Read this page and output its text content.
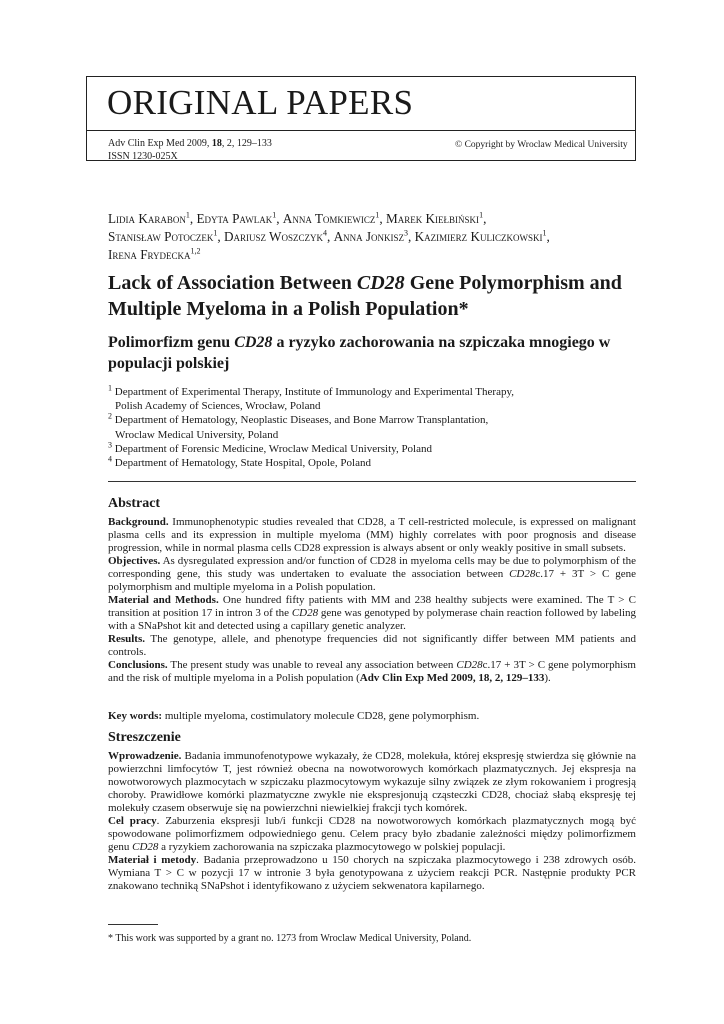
ORIGINAL PAPERS
Adv Clin Exp Med 2009, 18, 2, 129–133
ISSN 1230-025X
© Copyright by Wroclaw Medical University
Lidia Karabon$^1$, Edyta Pawlak$^1$, Anna Tomkiewicz$^1$, Marek Kiełbiński$^1$,
Stanisław Potoczek$^1$, Dariusz Woszczyk$^4$, Anna Jonkisz$^3$, Kazimierz Kuliczkowski$^1$,
Irena Frydecka$^{1,2}$
Lack of Association Between CD28 Gene Polymorphism and Multiple Myeloma in a Polish Population*
Polimorfizm genu CD28 a ryzyko zachorowania na szpiczaka mnogiego w populacji polskiej

$^1$ Department of Experimental Therapy, Institute of Immunology and Experimental Therapy,
Polish Academy of Sciences, Wrocław, Poland

$^2$ Department of Hematology, Neoplastic Diseases, and Bone Marrow Transplantation,
Wroclaw Medical University, Poland

$^3$ Department of Forensic Medicine, Wroclaw Medical University, Poland

$^4$ Department of Hematology, State Hospital, Opole, Poland

Abstract

Background. Immunophenotypic studies revealed that CD28, a T cell-restricted molecule, is expressed on malignant plasma cells and its expression in multiple myeloma (MM) highly correlates with poor prognosis and disease progression, while in normal plasma cells CD28 expression is always absent or only weakly positive in small subsets.

Objectives. As dysregulated expression and/or function of CD28 in myeloma cells may be due to polymorphism of the corresponding gene, this study was undertaken to evaluate the association between CD28c.17 + 3T > C gene polymorphism and multiple myeloma in a Polish population.

Material and Methods. One hundred fifty patients with MM and 238 healthy subjects were examined. The T > C transition at position 17 in intron 3 of the CD28 gene was genotyped by polymerase chain reaction followed by labeling with a SNaPshot kit and detected using a capillary genetic analyzer.

Results. The genotype, allele, and phenotype frequencies did not significantly differ between MM patients and controls.

Conclusions. The present study was unable to reveal any association between CD28c.17 + 3T > C gene polymorphism and the risk of multiple myeloma in a Polish population (Adv Clin Exp Med 2009, 18, 2, 129–133).

Key words: multiple myeloma, costimulatory molecule CD28, gene polymorphism.
Streszczenie

Wprowadzenie. Badania immunofenotypowe wykazały, że CD28, molekuła, której ekspresję stwierdza się głównie na powierzchni limfocytów T, jest również obecna na nowotworowych komórkach plazmatycznych. Jej ekspresja na nowotworowych plazmocytach w szpiczaku plazmocytowym wykazuje silny związek ze złym rokowaniem i progresją choroby. Prawidłowe komórki plazmatyczne zwykle nie ekspresjonują cząsteczki CD28, chociaż słabą ekspresję tej molekuły czasem obserwuje się na powierzchni niewielkiej frakcji tych komórek.

Cel pracy. Zaburzenia ekspresji lub/i funkcji CD28 na nowotworowych komórkach plazmatycznych mogą być spowodowane polimorfizmem odpowiedniego genu. Celem pracy było zbadanie zależności między polimorfizmem genu CD28 a ryzykiem zachorowania na szpiczaka plazmocytowego w polskiej populacji.

Materiał i metody. Badania przeprowadzono u 150 chorych na szpiczaka plazmocytowego i 238 zdrowych osób. Wymiana T > C w pozycji 17 w intronie 3 była genotypowana z użyciem reakcji PCR. Następnie produkty PCR znakowano techniką SNaPshot i identyfikowano z użyciem sekwenatora kapilarnego.

* This work was supported by a grant no. 1273 from Wroclaw Medical University, Poland.
